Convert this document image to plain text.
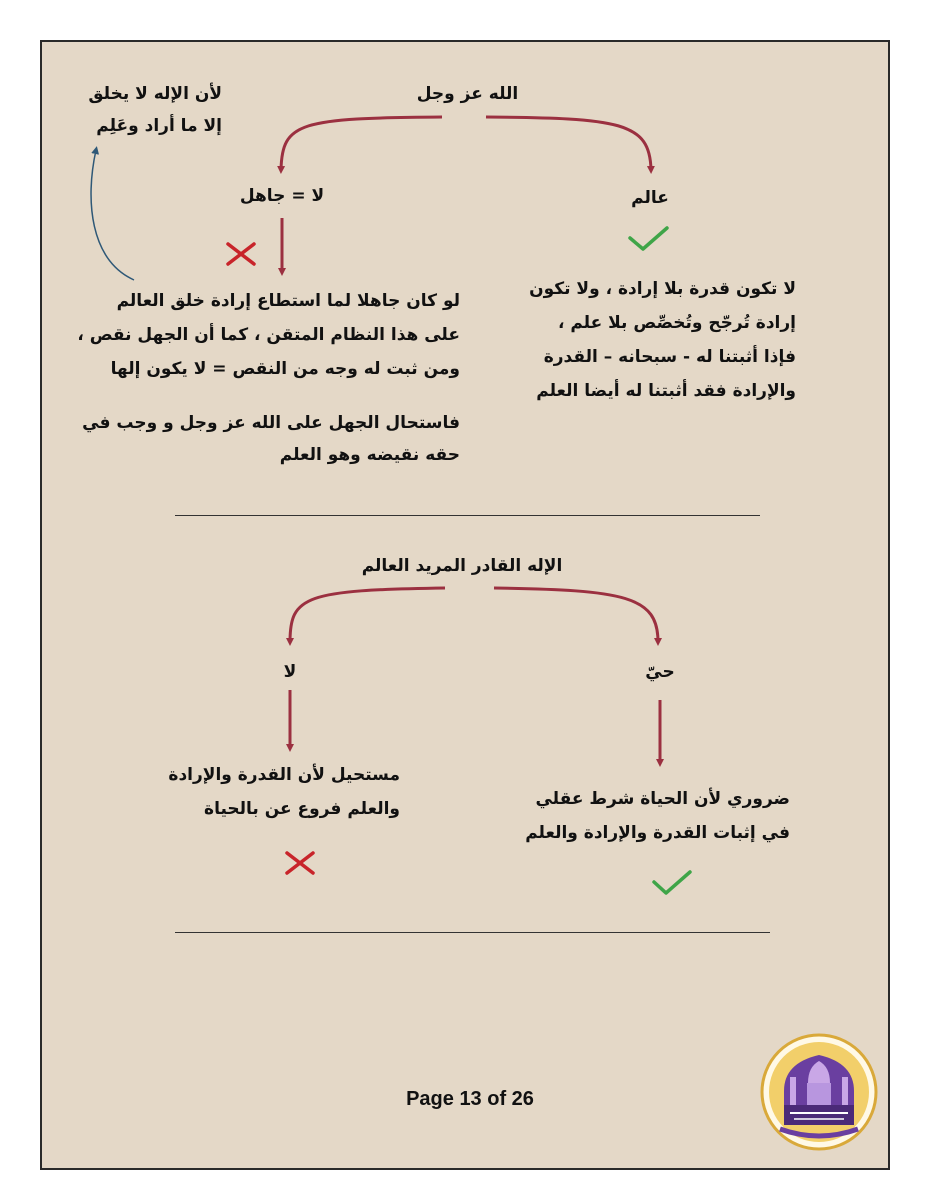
الله عز وجل
لأن الإله لا يخلق
إلا ما أراد وعَلِم
لا = جاهل	عالم
لو كان جاهلا لما استطاع إرادة خلق العالم
على هذا النظام المتقن ، كما أن الجهل نقص ،
ومن ثبت له وجه من النقص = لا يكون إلها
فاستحال الجهل على الله عز وجل و وجب في
حقه نقيضه وهو العلم
لا تكون قدرة بلا إرادة ، ولا تكون
إرادة تُرجّح وتُخصِّص بلا علم ،
فإذا أثبتنا له - سبحانه – القدرة
والإرادة فقد أثبتنا له أيضا العلم
الإله القادر المريد العالم
لا	حيّ
مستحيل لأن القدرة والإرادة
والعلم فروع عن بالحياة	ضروري لأن الحياة شرط عقلي
في إثبات القدرة والإرادة والعلم
Page 13 of 26
